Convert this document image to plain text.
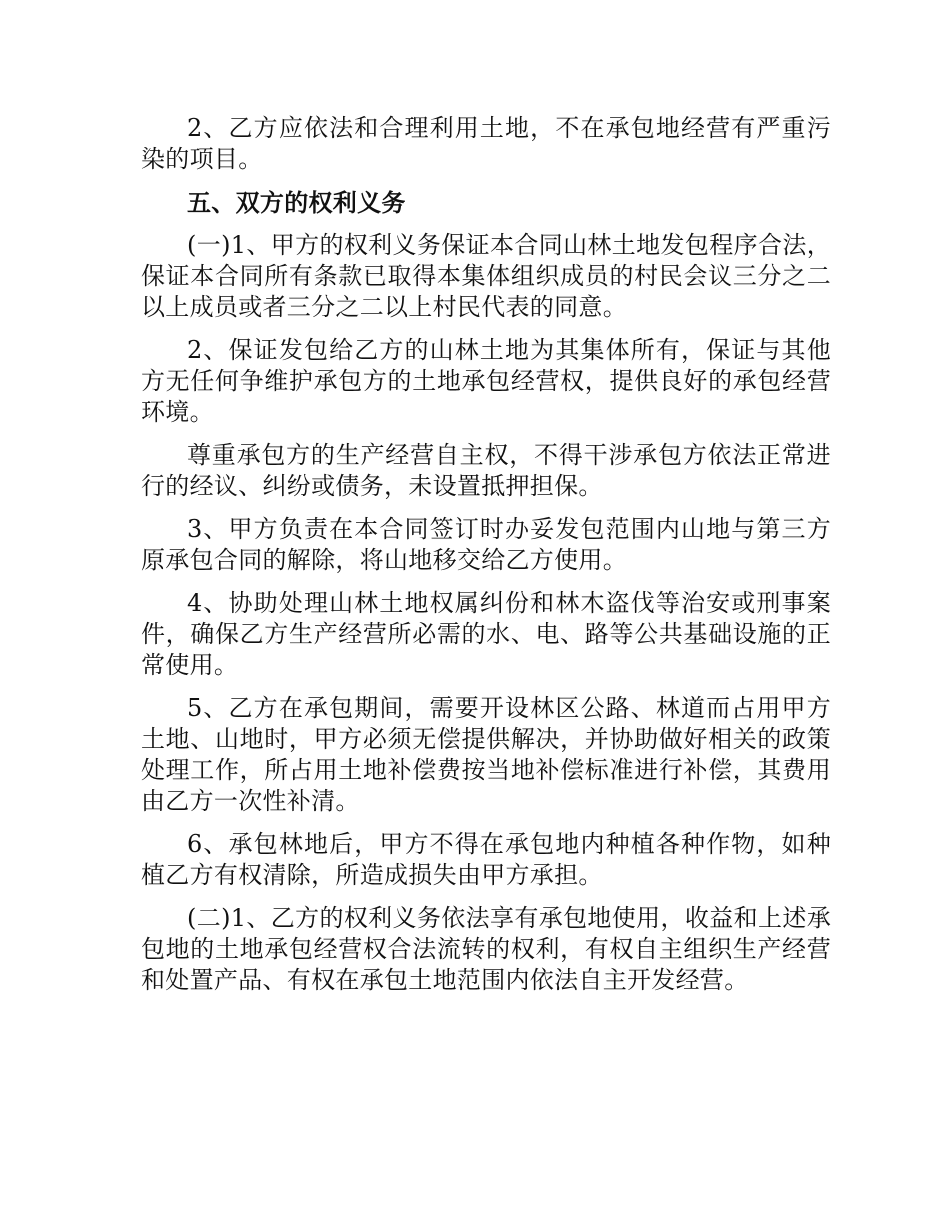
2、乙方应依法和合理利用土地，不在承包地经营有严重污染的项目。

五、双方的权利义务

(一)1、甲方的权利义务保证本合同山林土地发包程序合法，保证本合同所有条款已取得本集体组织成员的村民会议三分之二以上成员或者三分之二以上村民代表的同意。

2、保证发包给乙方的山林土地为其集体所有，保证与其他方无任何争维护承包方的土地承包经营权，提供良好的承包经营环境。

尊重承包方的生产经营自主权，不得干涉承包方依法正常进行的经议、纠纷或债务，未设置抵押担保。

3、甲方负责在本合同签订时办妥发包范围内山地与第三方原承包合同的解除，将山地移交给乙方使用。

4、协助处理山林土地权属纠份和林木盗伐等治安或刑事案件，确保乙方生产经营所必需的水、电、路等公共基础设施的正常使用。

5、乙方在承包期间，需要开设林区公路、林道而占用甲方土地、山地时，甲方必须无偿提供解决，并协助做好相关的政策处理工作，所占用土地补偿费按当地补偿标准进行补偿，其费用由乙方一次性补清。

6、承包林地后，甲方不得在承包地内种植各种作物，如种植乙方有权清除，所造成损失由甲方承担。

(二)1、乙方的权利义务依法享有承包地使用，收益和上述承包地的土地承包经营权合法流转的权利，有权自主组织生产经营和处置产品、有权在承包土地范围内依法自主开发经营。
